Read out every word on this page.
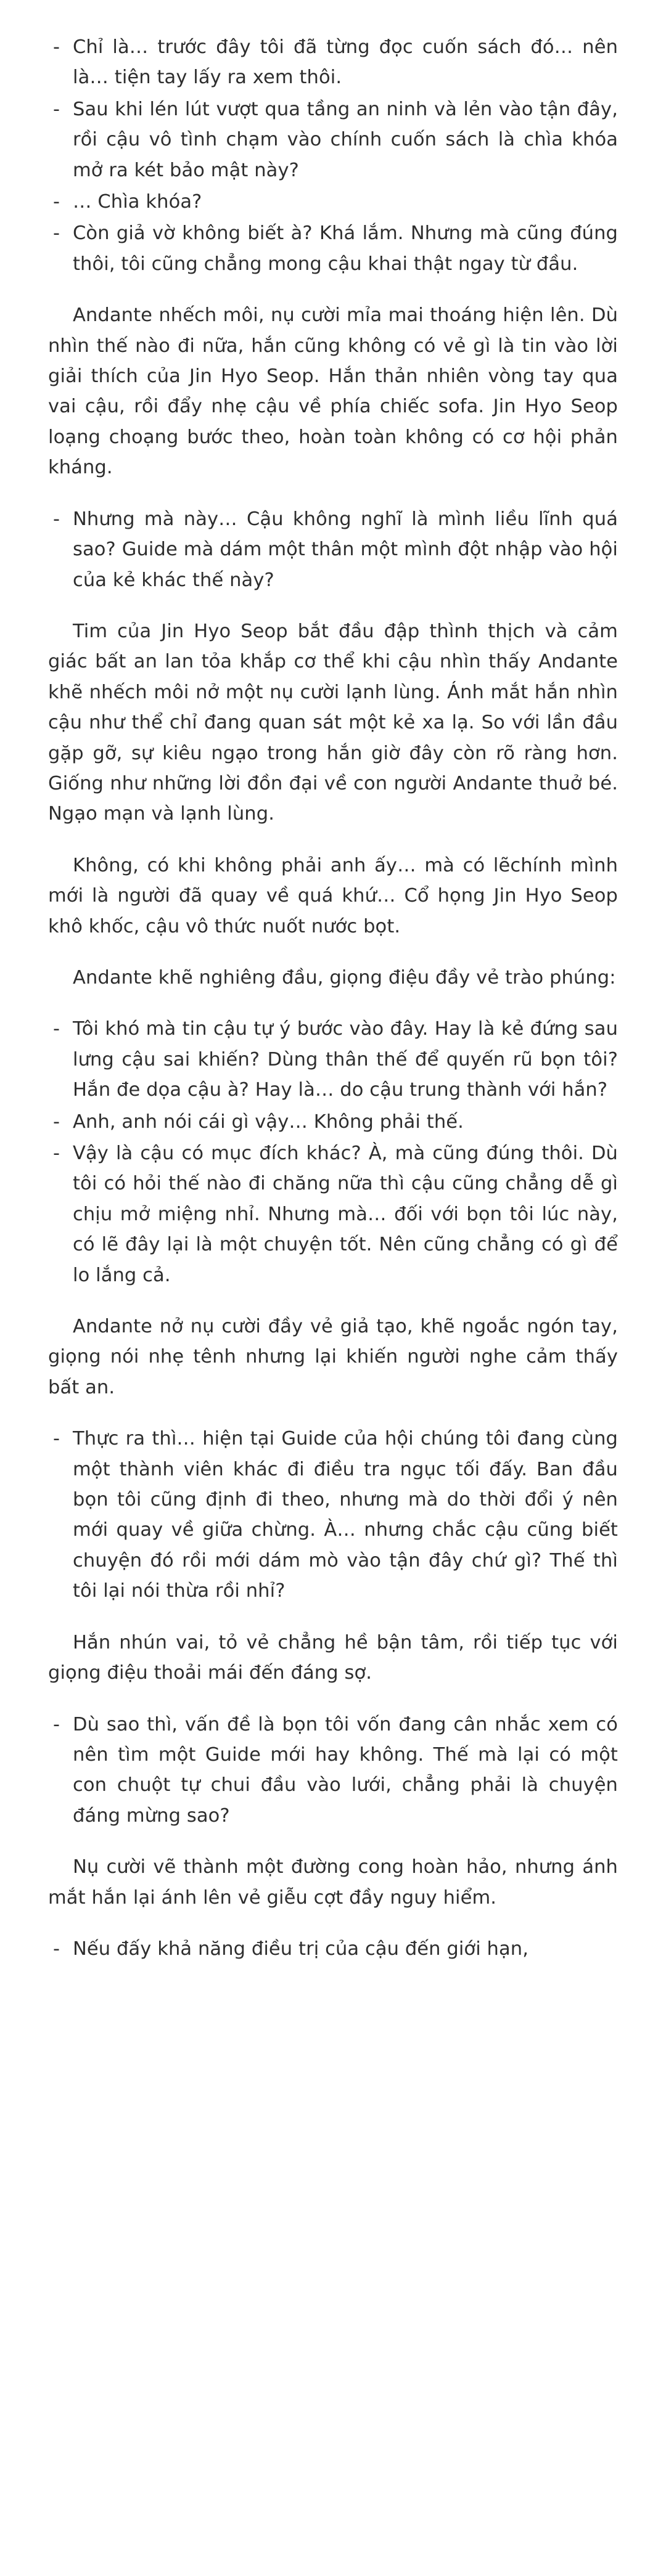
- Chỉ là… trước đây tôi đã từng đọc cuốn sách đó… nên là… tiện tay lấy ra xem thôi.
- Sau khi lén lút vượt qua tầng an ninh và lẻn vào tận đây, rồi cậu vô tình chạm vào chính cuốn sách là chìa khóa mở ra két bảo mật này?
- … Chìa khóa?
- Còn giả vờ không biết à? Khá lắm. Nhưng mà cũng đúng thôi, tôi cũng chẳng mong cậu khai thật ngay từ đầu.

Andante nhếch môi, nụ cười mỉa mai thoáng hiện lên. Dù nhìn thế nào đi nữa, hắn cũng không có vẻ gì là tin vào lời giải thích của Jin Hyo Seop. Hắn thản nhiên vòng tay qua vai cậu, rồi đẩy nhẹ cậu về phía chiếc sofa. Jin Hyo Seop loạng choạng bước theo, hoàn toàn không có cơ hội phản kháng.

- Nhưng mà này… Cậu không nghĩ là mình liều lĩnh quá sao? Guide mà dám một thân một mình đột nhập vào hội của kẻ khác thế này?

Tim của Jin Hyo Seop bắt đầu đập thình thịch và cảm giác bất an lan tỏa khắp cơ thể khi cậu nhìn thấy Andante khẽ nhếch môi nở một nụ cười lạnh lùng. Ánh mắt hắn nhìn cậu như thể chỉ đang quan sát một kẻ xa lạ. So với lần đầu gặp gỡ, sự kiêu ngạo trong hắn giờ đây còn rõ ràng hơn. Giống như những lời đồn đại về con người Andante thuở bé. Ngạo mạn và lạnh lùng.

Không, có khi không phải anh ấy… mà có lẽchính mình mới là người đã quay về quá khứ… Cổ họng Jin Hyo Seop khô khốc, cậu vô thức nuốt nước bọt.

Andante khẽ nghiêng đầu, giọng điệu đầy vẻ trào phúng:

- Tôi khó mà tin cậu tự ý bước vào đây. Hay là kẻ đứng sau lưng cậu sai khiến? Dùng thân thế để quyến rũ bọn tôi? Hắn đe dọa cậu à? Hay là… do cậu trung thành với hắn?
- Anh, anh nói cái gì vậy… Không phải thế.
- Vậy là cậu có mục đích khác? À, mà cũng đúng thôi. Dù tôi có hỏi thế nào đi chăng nữa thì cậu cũng chẳng dễ gì chịu mở miệng nhỉ. Nhưng mà… đối với bọn tôi lúc này, có lẽ đây lại là một chuyện tốt. Nên cũng chẳng có gì để lo lắng cả.

Andante nở nụ cười đầy vẻ giả tạo, khẽ ngoắc ngón tay, giọng nói nhẹ tênh nhưng lại khiến người nghe cảm thấy bất an.

- Thực ra thì… hiện tại Guide của hội chúng tôi đang cùng một thành viên khác đi điều tra ngục tối đấy. Ban đầu bọn tôi cũng định đi theo, nhưng mà do thời đổi ý nên mới quay về giữa chừng. À… nhưng chắc cậu cũng biết chuyện đó rồi mới dám mò vào tận đây chứ gì? Thế thì tôi lại nói thừa rồi nhỉ?

Hắn nhún vai, tỏ vẻ chẳng hề bận tâm, rồi tiếp tục với giọng điệu thoải mái đến đáng sợ.

- Dù sao thì, vấn đề là bọn tôi vốn đang cân nhắc xem có nên tìm một Guide mới hay không. Thế mà lại có một con chuột tự chui đầu vào lưới, chẳng phải là chuyện đáng mừng sao?

Nụ cười vẽ thành một đường cong hoàn hảo, nhưng ánh mắt hắn lại ánh lên vẻ giễu cợt đầy nguy hiểm.

- Nếu đấy khả năng điều trị của cậu đến giới hạn,
